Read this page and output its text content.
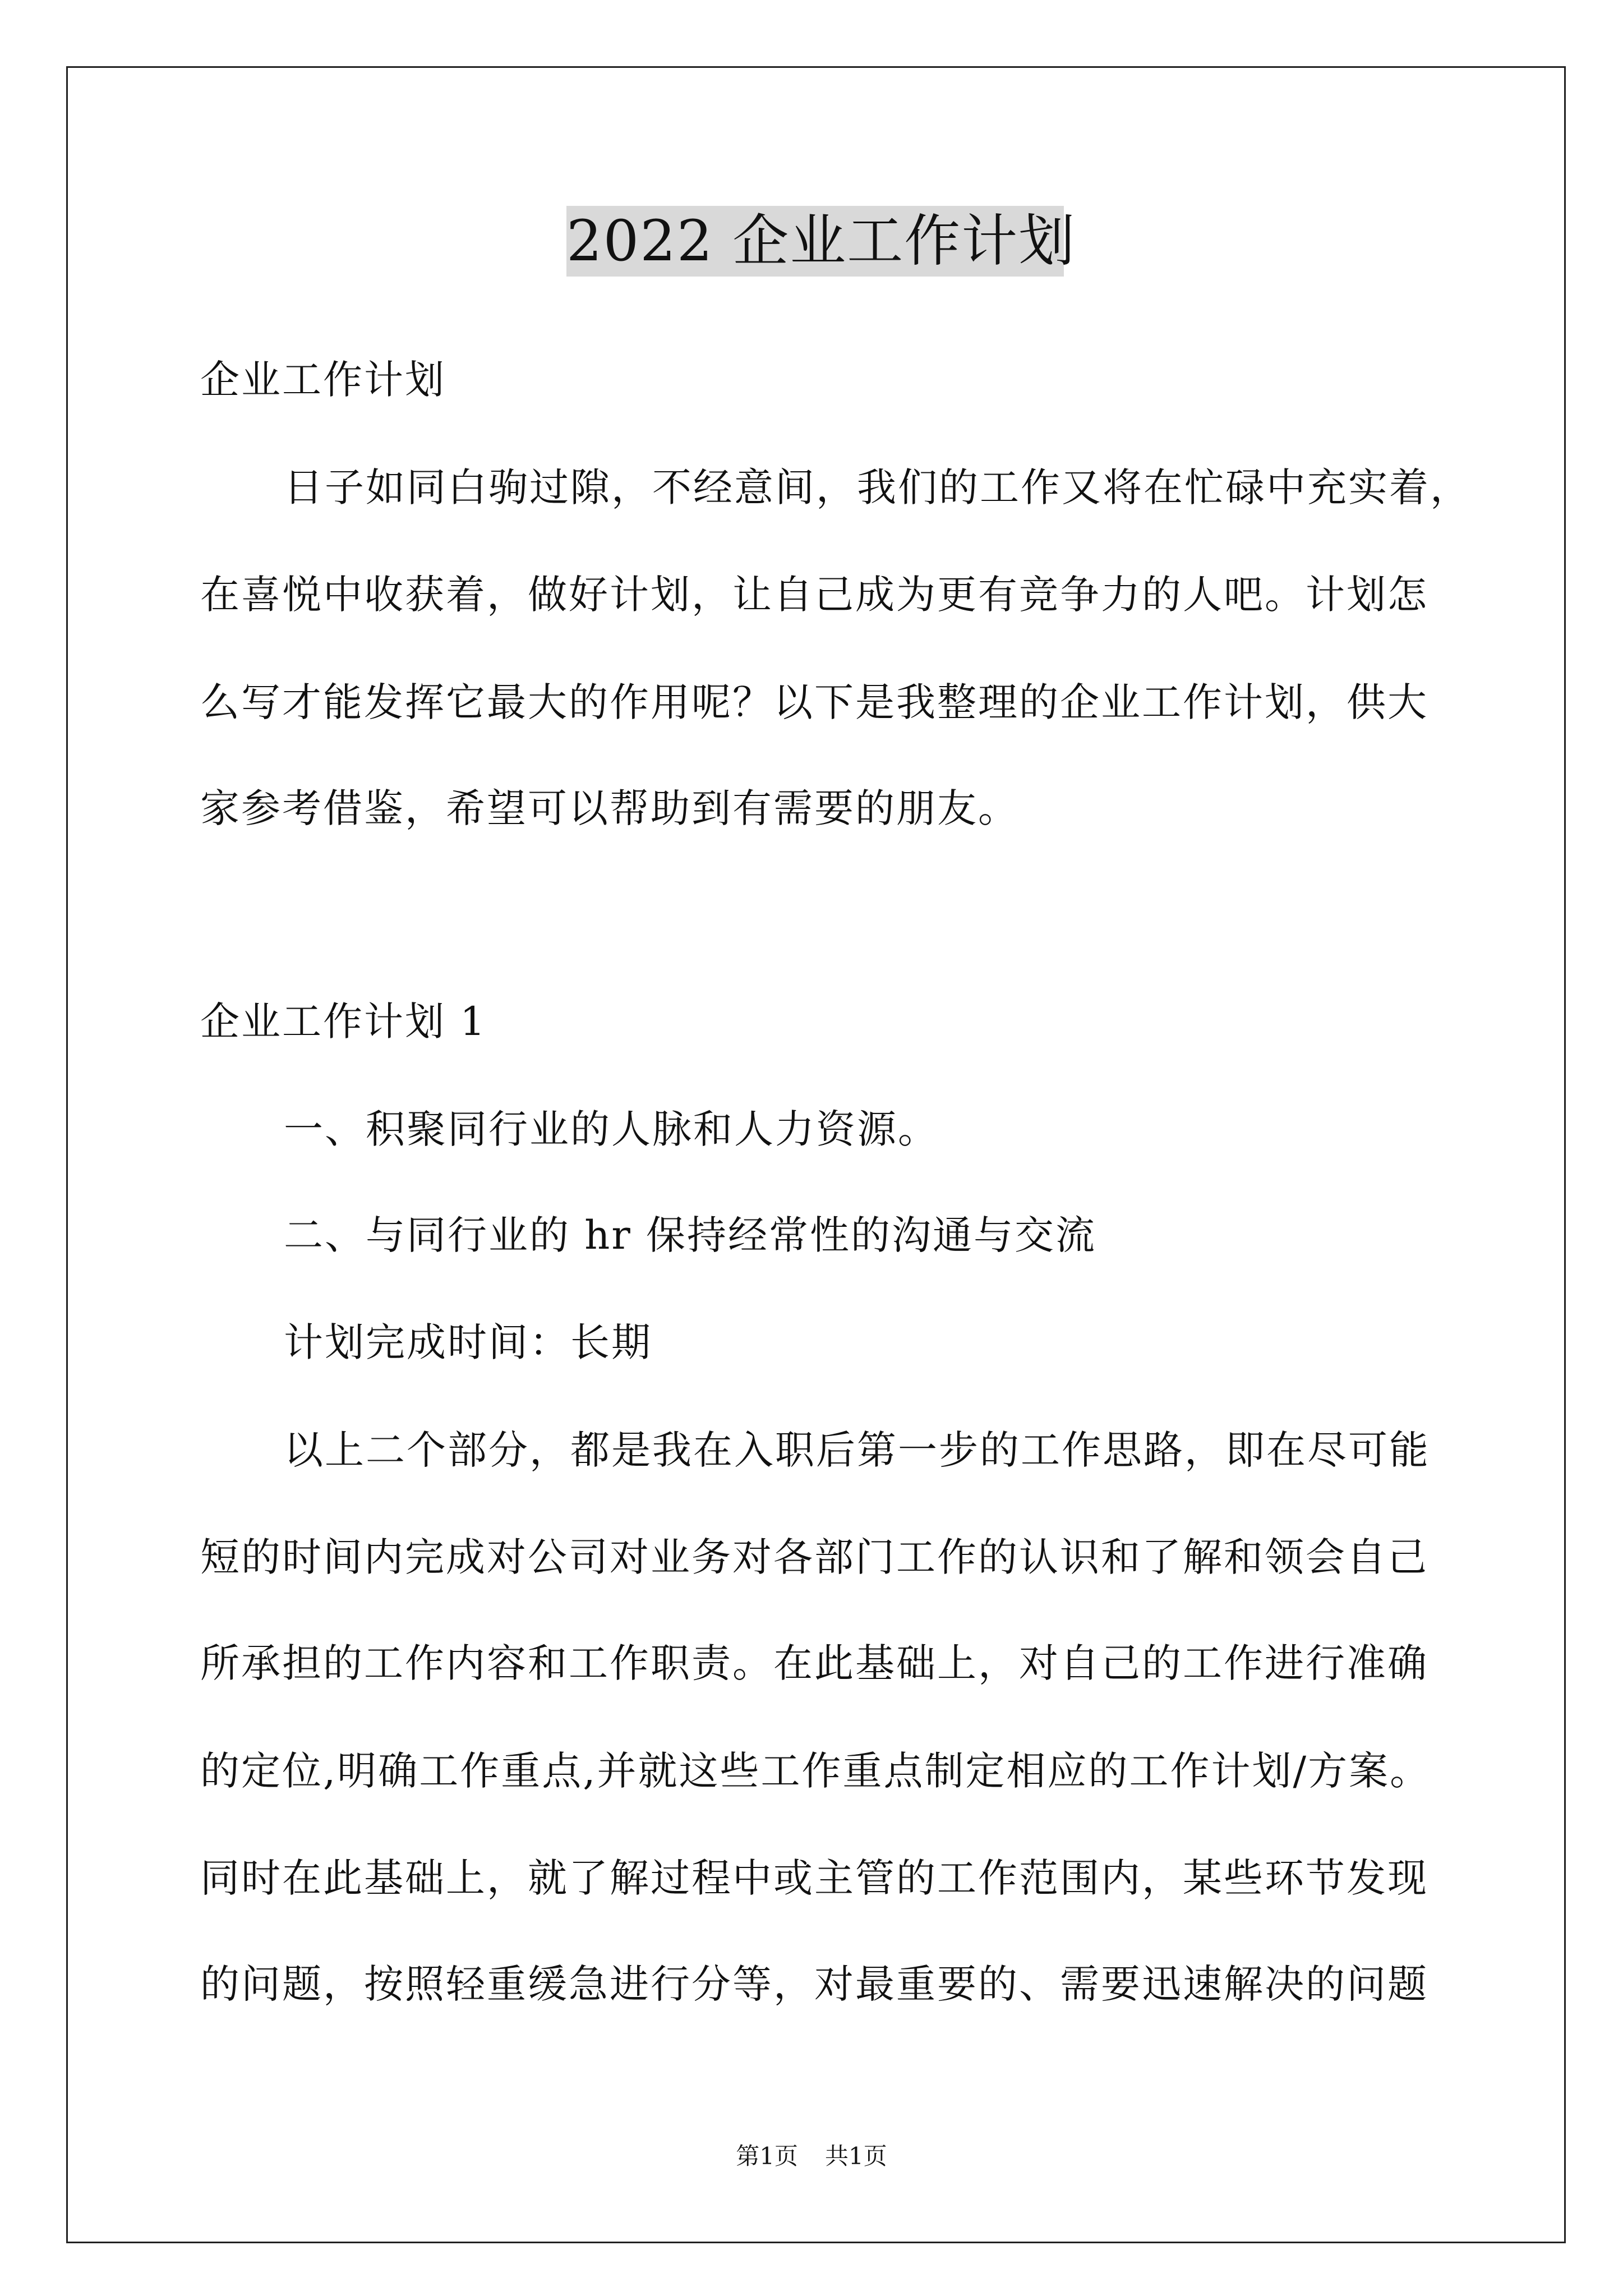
2022 企业工作计划
企业工作计划
日子如同白驹过隙，不经意间，我们的工作又将在忙碌中充实着，
在喜悦中收获着，做好计划，让自己成为更有竞争力的人吧。计划怎
么写才能发挥它最大的作用呢？以下是我整理的企业工作计划，供大
家参考借鉴，希望可以帮助到有需要的朋友。
企业工作计划 1
一、积聚同行业的人脉和人力资源。
二、与同行业的 hr 保持经常性的沟通与交流
计划完成时间：长期
以上二个部分，都是我在入职后第一步的工作思路，即在尽可能
短的时间内完成对公司对业务对各部门工作的认识和了解和领会自己
所承担的工作内容和工作职责。在此基础上，对自己的工作进行准确
的定位,明确工作重点,并就这些工作重点制定相应的工作计划/方案。
同时在此基础上，就了解过程中或主管的工作范围内，某些环节发现
的问题，按照轻重缓急进行分等，对最重要的、需要迅速解决的问题
第1页 共1页
